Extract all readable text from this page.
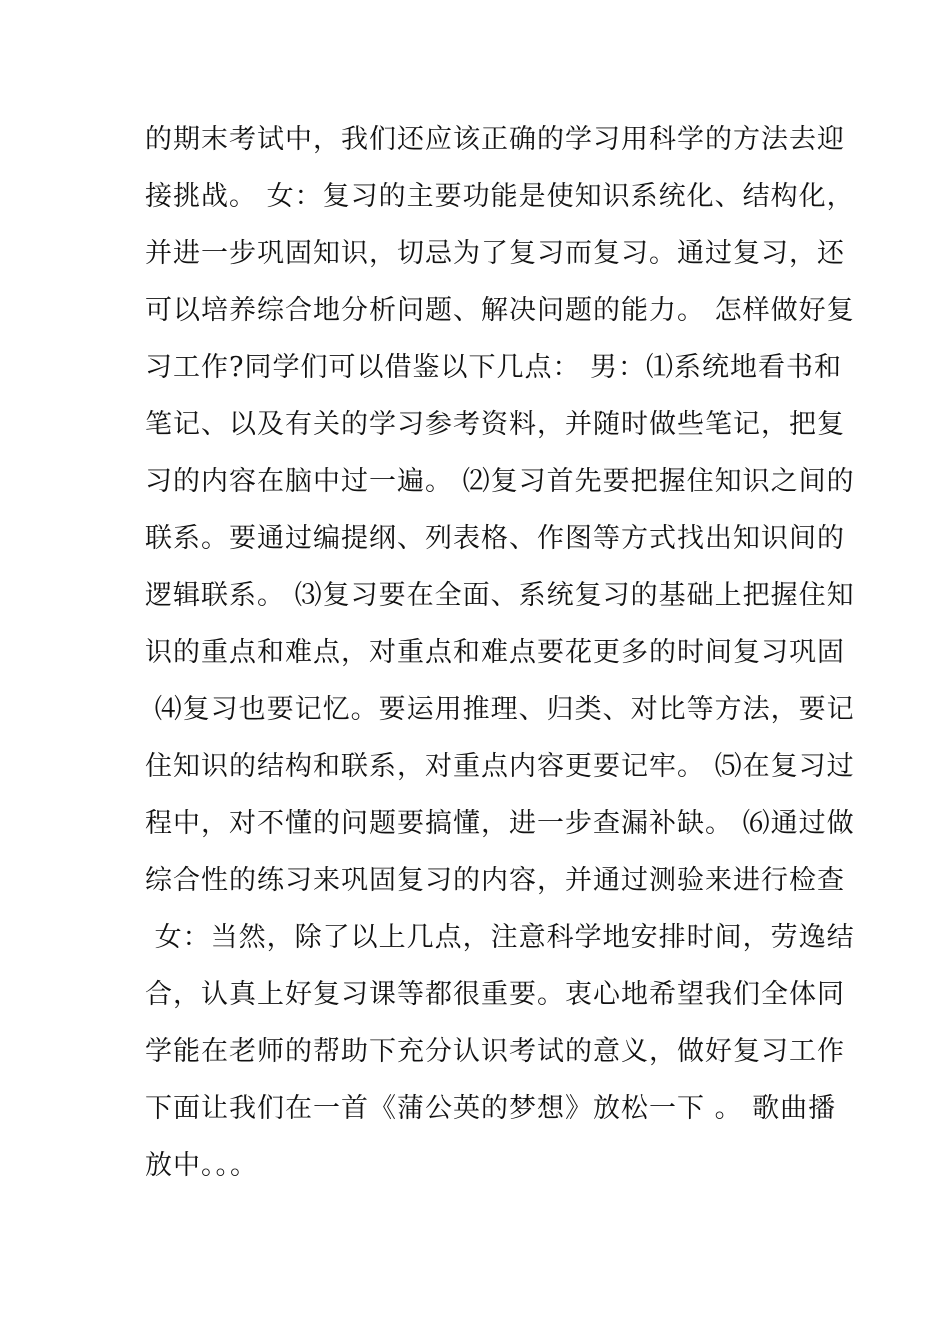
的期末考试中，我们还应该正确的学习用科学的方法去迎
接挑战。 女：复习的主要功能是使知识系统化、结构化，
并进一步巩固知识，切忌为了复习而复习。通过复习，还
可以培养综合地分析问题、解决问题的能力。 怎样做好复
习工作?同学们可以借鉴以下几点： 男：⑴系统地看书和
笔记、以及有关的学习参考资料，并随时做些笔记，把复
习的内容在脑中过一遍。 ⑵复习首先要把握住知识之间的
联系。要通过编提纲、列表格、作图等方式找出知识间的
逻辑联系。 ⑶复习要在全面、系统复习的基础上把握住知
识的重点和难点，对重点和难点要花更多的时间复习巩固
⑷复习也要记忆。要运用推理、归类、对比等方法，要记
住知识的结构和联系，对重点内容更要记牢。 ⑸在复习过
程中，对不懂的问题要搞懂，进一步查漏补缺。 ⑹通过做
综合性的练习来巩固复习的内容，并通过测验来进行检查
女：当然，除了以上几点，注意科学地安排时间，劳逸结
合，认真上好复习课等都很重要。衷心地希望我们全体同
学能在老师的帮助下充分认识考试的意义，做好复习工作
下面让我们在一首《蒲公英的梦想》放松一下 。 歌曲播
放中。。。
